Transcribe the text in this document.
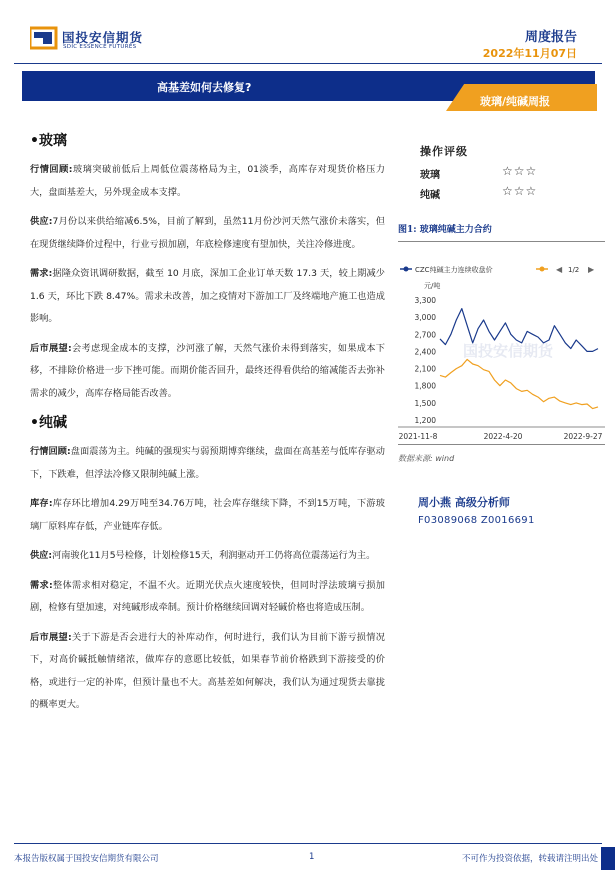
国投安信期货
SDIC ESSENCE FUTURES
周度报告
2022年11月07日
高基差如何去修复?
玻璃/纯碱周报
•玻璃

行情回顾:玻璃突破前低后上周低位震荡格局为主，01淡季，高库存对现货价格压力大，盘面基差大，另外现金成本支撑。

供应:7月份以来供给缩减6.5%，目前了解到，虽然11月份沙河天然气涨价未落实，但在现货继续降价过程中，行业亏损加剧，年底检修速度有望加快，关注冷修进度。

需求:据隆众资讯调研数据，截至 10 月底，深加工企业订单天数 17.3 天，较上期减少 1.6 天，环比下跌 8.47%。需求未改善，加之疫情对下游加工厂及终端地产施工也造成影响。

后市展望:会考虑现金成本的支撑，沙河涨了解，天然气涨价未得到落实，如果成本下移，不排除价格进一步下挫可能。而期价能否回升，最终还得看供给的缩减能否去弥补需求的减少，高库存格局能否改善。

•纯碱

行情回顾:盘面震荡为主。纯碱的强现实与弱预期博弈继续，盘面在高基差与低库存驱动下，下跌难，但浮法冷修又限制纯碱上涨。

库存:库存环比增加4.29万吨至34.76万吨，社会库存继续下降，不到15万吨，下游玻璃厂原料库存低，产业链库存低。

供应:河南骏化11月5号检修，计划检修15天，利润驱动开工仍将高位震荡运行为主。

需求:整体需求相对稳定，不温不火。近期光伏点火速度较快，但同时浮法玻璃亏损加剧，检修有望加速，对纯碱形成牵制。预计价格继续回调对轻碱价格也将造成压制。

后市展望:关于下游是否会进行大的补库动作，何时进行，我们认为目前下游亏损情况下，对高价碱抵触情绪浓，做库存的意愿比较低，如果春节前价格跌到下游接受的价格，或进行一定的补库，但预计量也不大。高基差如何解决，我们认为通过现货去靠拢的概率更大。

操作评级
玻璃	☆☆☆
纯碱	☆☆☆
图1: 玻璃纯碱主力合约
国投安信期货
CZC纯碱主力连续收盘价	◀ 1/2 ▶
元/吨
3,300
3,000
2,700
2,400
2,100
1,800
1,500
1,200
2021-11-8	2022-4-20	2022-9-27
数据来源: wind
周小燕 高级分析师
F03089068 Z0016691
本报告版权属于国投安信期货有限公司	1	不可作为投资依据，转载请注明出处
